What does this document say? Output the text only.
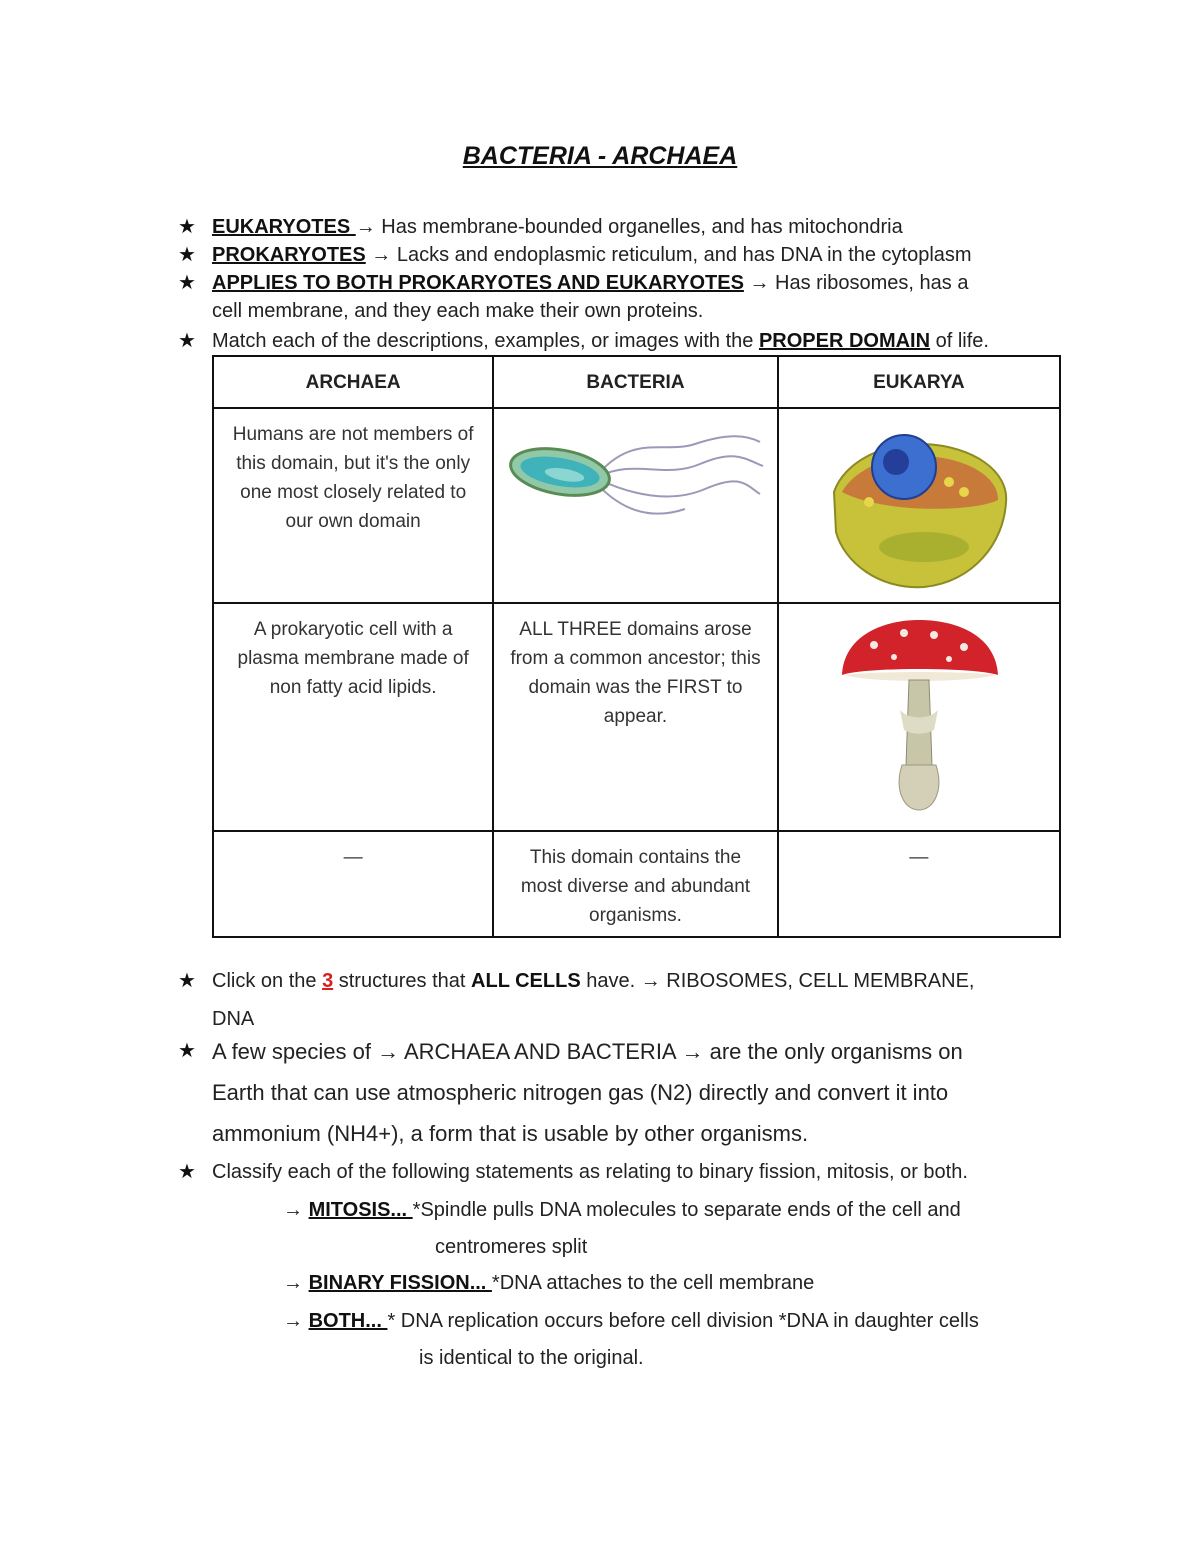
BACTERIA - ARCHAEA
★ EUKARYOTES → Has membrane-bounded organelles, and has mitochondria
★ PROKARYOTES → Lacks and endoplasmic reticulum, and has DNA in the cytoplasm
★ APPLIES TO BOTH PROKARYOTES AND EUKARYOTES → Has ribosomes, has a
cell membrane, and they each make their own proteins.
★ Match each of the descriptions, examples, or images with the PROPER DOMAIN of life.
ARCHAEA	BACTERIA	EUKARYA

Humans are not members of this domain, but it's the only one most closely related to our own domain

A prokaryotic cell with a plasma membrane made of non fatty acid lipids.	ALL THREE domains arose from a common ancestor; this domain was the FIRST to appear.

—	This domain contains the most diverse and abundant organisms.	—
★ Click on the 3 structures that ALL CELLS have. → RIBOSOMES, CELL MEMBRANE,
DNA
★ A few species of → ARCHAEA AND BACTERIA → are the only organisms on
Earth that can use atmospheric nitrogen gas (N2) directly and convert it into
ammonium (NH4+), a form that is usable by other organisms.
★ Classify each of the following statements as relating to binary fission, mitosis, or both.
→ MITOSIS... *Spindle pulls DNA molecules to separate ends of the cell and
centromeres split
→ BINARY FISSION... *DNA attaches to the cell membrane
→ BOTH... * DNA replication occurs before cell division *DNA in daughter cells
is identical to the original.
